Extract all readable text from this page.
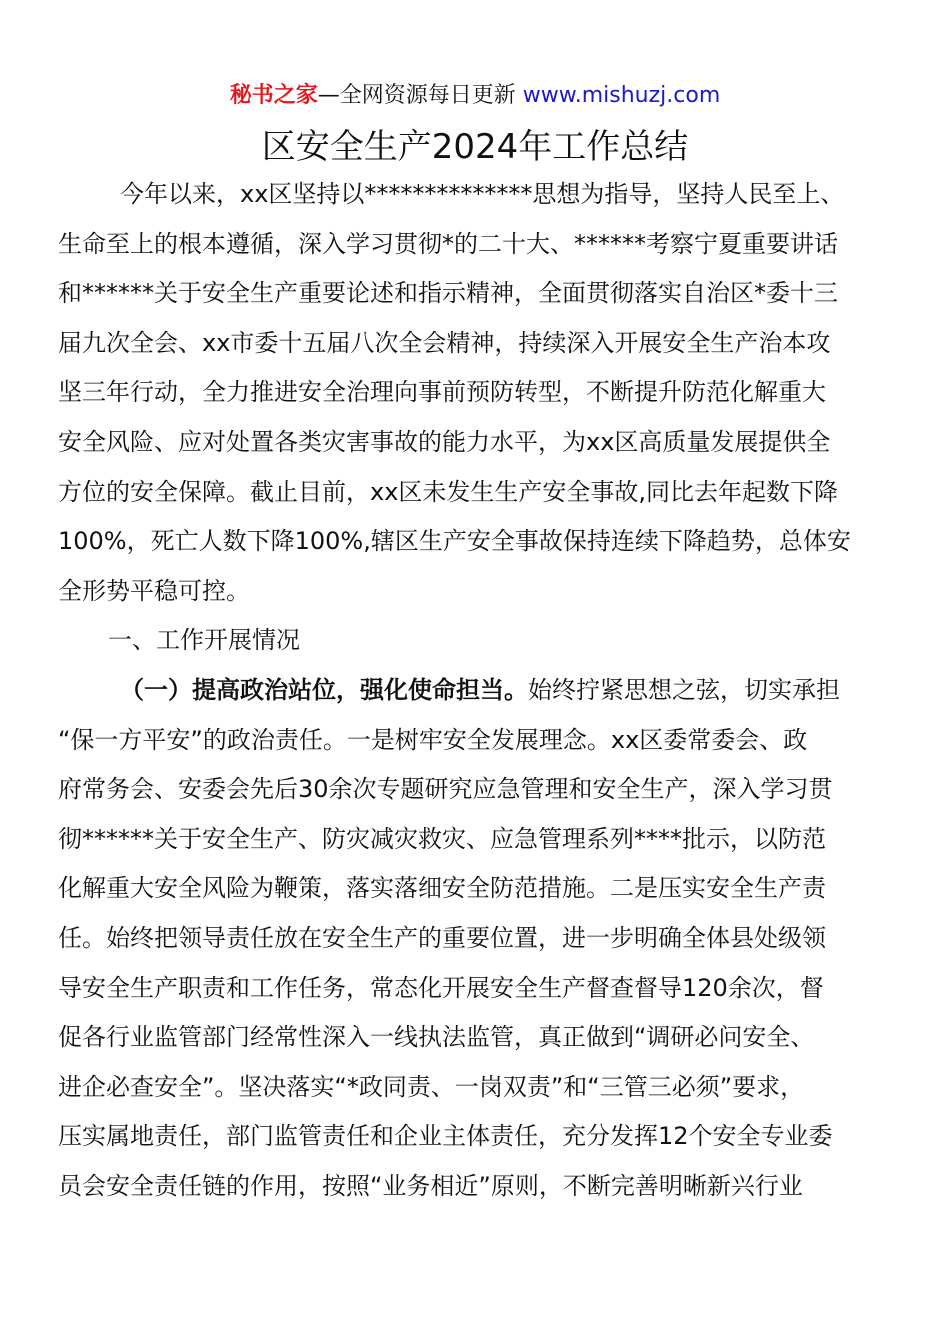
秘书之家—全网资源每日更新 www.mishuzj.com
区安全生产2024年工作总结
今年以来，xx区坚持以**************思想为指导，坚持人民至上、
生命至上的根本遵循，深入学习贯彻*的二十大、******考察宁夏重要讲话
和******关于安全生产重要论述和指示精神，全面贯彻落实自治区*委十三
届九次全会、xx市委十五届八次全会精神，持续深入开展安全生产治本攻
坚三年行动，全力推进安全治理向事前预防转型，不断提升防范化解重大
安全风险、应对处置各类灾害事故的能力水平，为xx区高质量发展提供全
方位的安全保障。截止目前，xx区未发生生产安全事故,同比去年起数下降
100%，死亡人数下降100%,辖区生产安全事故保持连续下降趋势，总体安
全形势平稳可控。
一、工作开展情况
（一）提高政治站位，强化使命担当。始终拧紧思想之弦，切实承担
“保一方平安”的政治责任。一是树牢安全发展理念。xx区委常委会、政
府常务会、安委会先后30余次专题研究应急管理和安全生产，深入学习贯
彻******关于安全生产、防灾减灾救灾、应急管理系列****批示，以防范
化解重大安全风险为鞭策，落实落细安全防范措施。二是压实安全生产责
任。始终把领导责任放在安全生产的重要位置，进一步明确全体县处级领
导安全生产职责和工作任务，常态化开展安全生产督查督导120余次，督
促各行业监管部门经常性深入一线执法监管，真正做到“调研必问安全、
进企必查安全”。坚决落实“*政同责、一岗双责”和“三管三必须”要求，
压实属地责任，部门监管责任和企业主体责任，充分发挥12个安全专业委
员会安全责任链的作用，按照“业务相近”原则，不断完善明晰新兴行业
